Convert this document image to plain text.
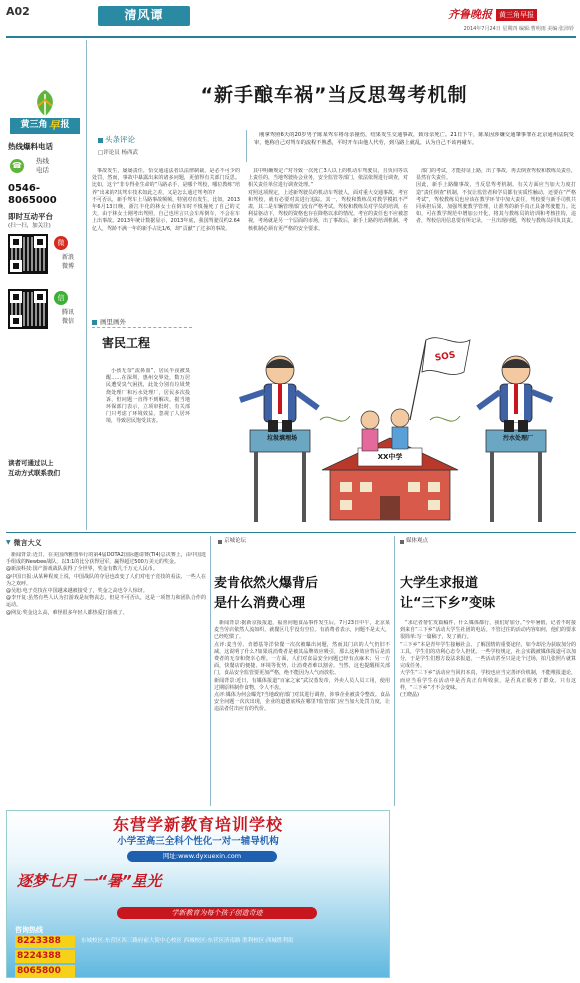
A02	清风谭	齐鲁晚报	黄三角早报
2014年7月24日 星期四 编辑:曹明雨 美编:张沛铃
黄三角 早 报
热线爆料电话
☎
热线
电话
0546-
8065000
即时互动平台
(扫一扫，加关注)
微
新浪
微博
信
腾讯
微信
读者可通过以上
互动方式联系我们
“新手酿车祸”当反思驾考机制
头条评论
□评论员 杨西武
刚拿驾照6天的20岁男子陈某驾车将母亲撞伤，结果发生交通事故，致母亲死亡。21日下午，陈某因涉嫌交通肇事罪在北京通州法院受审，他称自己对驾车的流程不熟悉，平时开车由他人代劳，到马路上就乱，认为自己不该再碰车。
事故发生，屡屡责任，恰交通违法者以法律制裁，是必不可少的处罚，然而，事故中暴露出来的诸多问题，更值得有关部门反思。比如，这个“非专得业生命的”马路杀手，是哪个驾校，哪位教练“培养”出来的?其驾车技术如此之差，又是怎么通过驾考的?
不可否认，新手驾车上马路事故频频，特别对有发生，比如，2013年6月13日晚，浙江丰化的林女士在倒车时不慎撞死了自己的丈夫，由于林女士刚考出驾照，自己也坦言只会车库倒车，不会在车上出事故。2013年统计数据显示，2013年底，我国驾驶员约2.64亿人，驾龄不满一年的新手占比1/6，却“贡献”了过多的事故。
其中明确规定:“对导致一次死亡3人以上的机动车驾驶员，且负同等以上责任的，当地驾驶协会业务，安全监管等部门，依法依规进行调查，对相关责任单位进行调查处理。”
对照这项规定，上述新驾驶员的机动车驾驶人，面对重大交通事故，考官和驾校，就有必要对其进行追踪。其一，驾校和教练员对教学模拟不严肃，其二是车辆管理部门没有严格考试。驾校和教练员对学员的培训，在利益驱动下，驾校的资格也存在降格以求的情况。考官的责任也不应被忽视，考场就是另一个层面的市场，出了事故后，新手上路的培训机制、考核机制必须有更严格的安全要求。
部门的考试，才能持证上路，出了事故，再去倒查驾校和教练员责任，显然有失责任。
因此，新手上路酿事故，当反思驾考机制。有关方面应当加大力度打造“责任倒查”机制，不仅让监管者和学员都有实质性触动，还要在“严格考试”，驾校教练员也应该在教学环节中加大责任，驾校要与新手司机共同承担后果，加强驾驶教学管理，让准驾的新手真正具备驾驶能力。比如，可在教学规范中增加公开化，将其与教练员的培训和考核挂钩，违者，驾校信用信息要有所记录，一旦出现问题，驾校与教练员同负其责。
画里画外
害民工程
小孩无奈“流鼻血”，居民半夜被臭醒……在深圳，惠州交界处，数万居民遭受臭气困扰，此处分别有垃圾焚烧处理厂和污水处理厂，居民多次投诉，但问题一直得不到解决。据当地环保部门表示，立项审批时，有关部门只考虑了环境效益，忽视了人居环境，导致居民饱受其害。
SOS
垃圾填埋场
XX中学
污水处理厂
▼ 微言大义
新闻背景:近日，在美国西雅图举行的第4届DOTA2国际邀请赛(TI4)总决赛上，由中国选手组成的Newbee战队，以3:1的比分获得冠军，赢得超过500万美元的奖金。
@新浪科技:国产游戏战队获得了全世界，奖金有数几千万元人民币。
@中国日报:从某种程度上说，中国战队的夺冠也改变了人们对电子竞技的看法，一些人在为之欢呼。
@吴旭:电子竞技在中国越来越被接受了，奖金之高也令人惊讶。
@李开复:虽然有些人认为打游戏是玩物丧志，但是不可否认，这是一项智力和团队合作的运动。
@网友:奖金这么高，难怪很多年轻人都热爱打游戏了。
京城论坛
麦肯依然火爆背后
是什么消费心理
新闻背景:据新京报报道，福喜问题食品事件发生后，7月23日中午，北京某麦当劳店依然人流如织，就餐区几乎没有空位。有消费者表示，问题不是太大，已经吃惯了。
点评:麦当劳、肯德基等洋快餐一次次被曝出问题，然而其门店的人气仍旧不减，这说明了什么?如果说消费者是被其品牌效应吸引，那么这种效应背后是消费者的无奈和侥幸心理。一方面，人们对食品安全问题已经有点麻木；另一方面，快餐店的便捷、环境等优势，让消费者难以割舍。当然，这也提醒相关部门，食品安全监管要更加严格，绝不能因为人气而放松。
新闻背景:近日，有媒体报道“百家之家”武汉蒸发帝，外卖人员人员工用，使用过期原料制作食物，令人不齿。
点评:媒体为何会曝光?当地政府部门对其进行调查，涉事企业被责令整改。食品安全问题一次次出现，企业的道德底线在哪里?监管部门应当加大处罚力度，让违法者付出应有的代价。
媒体观点
大学生求报道
让“三下乡”变味
“求记者帮忙发篇稿件，什么媒体都行，我们好加分。”今年暑假，记者不时接到来自“三下乡”活动大学生社团的电话。不管过往的活动内容如何，他们的要求很简单:写一篇稿子，发了就行。
“三下乡”本是青年学生接触社会、了解国情的重要途径，如今却沦为获取加分的工具，学生们的功利心态令人担忧。一些学校规定，社会实践被媒体报道可以加分，于是学生们想方设法求报道，一些活动甚至只是走个过场，拍几张照片就算完成任务。
大学生“三下乡”活动应当回归本真，学校也应当完善评价机制，不能唯报道论，而应当看学生在活动中是否真正有所收获，是否真正服务了群众。只有这样，“三下乡”才不会变味。
(王晓晶)
东营学新教育培训学校
小学至高三全科个性化一对一辅导机构
网址:www.dyxuexin.com
逐梦七月 一“暑”星光
学新教育为每个孩子创造奇迹
咨询热线
8223388
8224388
8065800
东城校区:东营区西三路府前大街中心校区 西城校区:东营区济南路 胜利校区:西城胜利街
